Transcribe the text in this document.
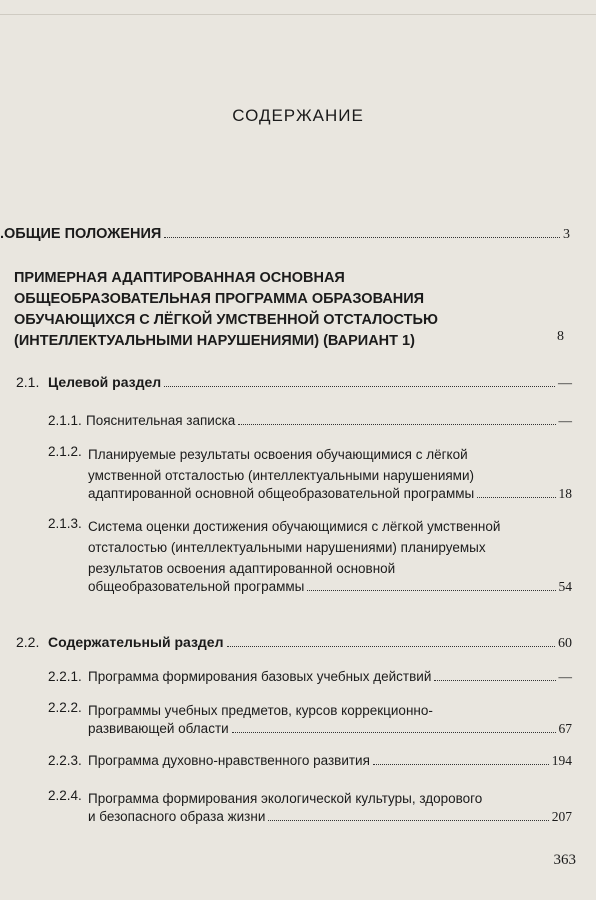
СОДЕРЖАНИЕ
. ОБЩИЕ ПОЛОЖЕНИЯ	3
ПРИМЕРНАЯ АДАПТИРОВАННАЯ ОСНОВНАЯ
ОБЩЕОБРАЗОВАТЕЛЬНАЯ ПРОГРАММА ОБРАЗОВАНИЯ
ОБУЧАЮЩИХСЯ С ЛЁГКОЙ УМСТВЕННОЙ ОТСТАЛОСТЬЮ
(ИНТЕЛЛЕКТУАЛЬНЫМИ НАРУШЕНИЯМИ) (ВАРИАНТ 1)	8
2.1. Целевой раздел	—
2.1.1. Пояснительная записка	—
2.1.2. Планируемые результаты освоения обучающимися с лёгкой
умственной отсталостью (интеллектуальными нарушениями)
адаптированной основной общеобразовательной программы	18
2.1.3. Система оценки достижения обучающимися с лёгкой умственной
отсталостью (интеллектуальными нарушениями) планируемых
результатов освоения адаптированной основной
общеобразовательной программы	54
2.2. Содержательный раздел	60
2.2.1. Программа формирования базовых учебных действий	—
2.2.2. Программы учебных предметов, курсов коррекционно-
развивающей области	67
2.2.3. Программа духовно-нравственного развития	194
2.2.4. Программа формирования экологической культуры, здорового
и безопасного образа жизни	207
363
